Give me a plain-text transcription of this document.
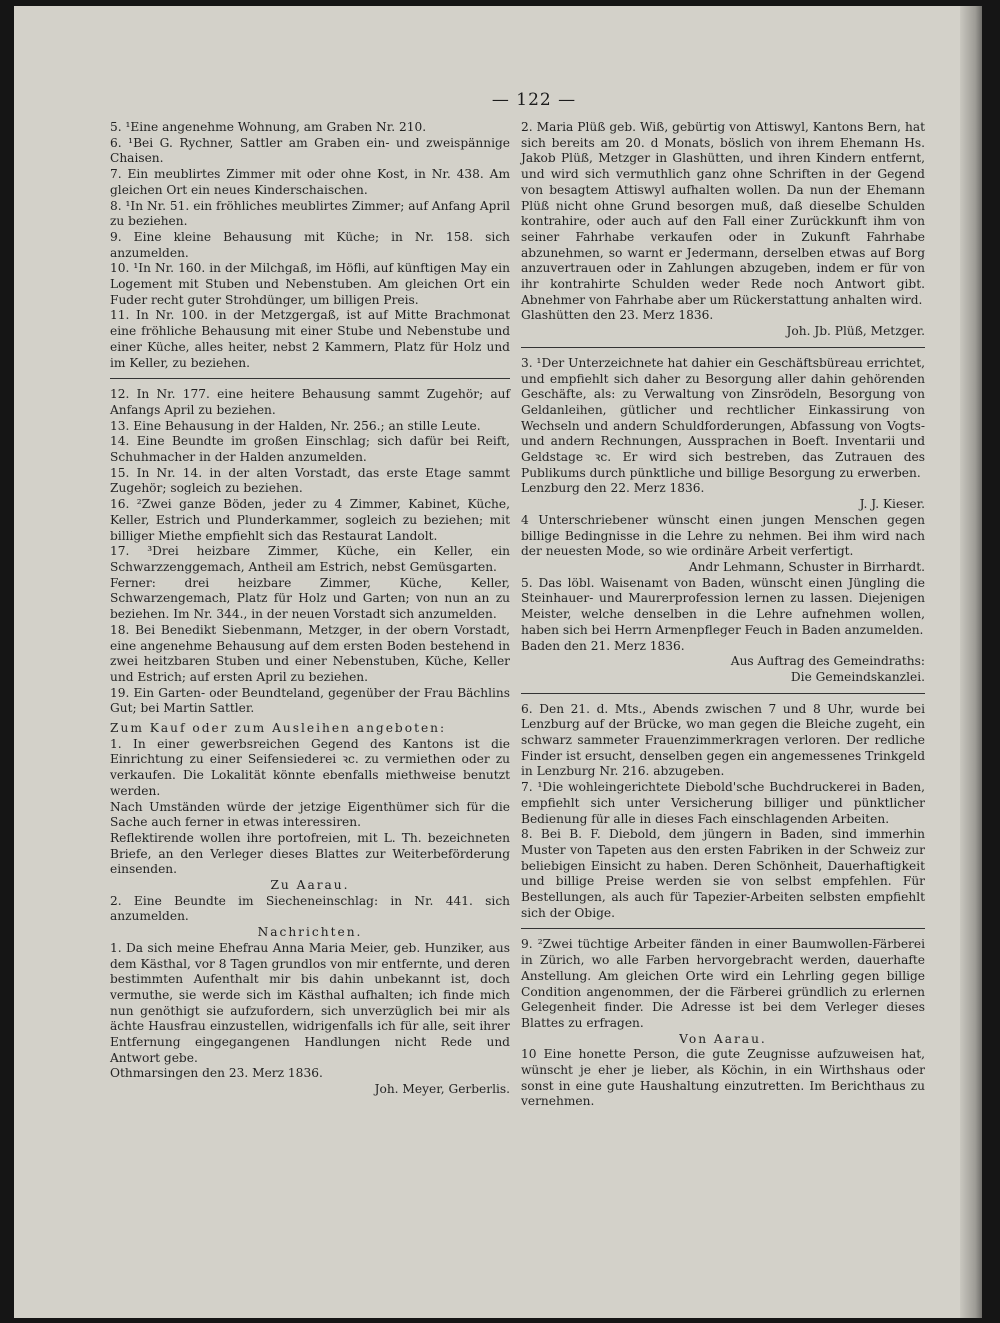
— 122 —

5. ¹Eine angenehme Wohnung, am Graben Nr. 210.

6. ¹Bei G. Rychner, Sattler am Graben ein- und zweispännige Chaisen.

7. Ein meublirtes Zimmer mit oder ohne Kost, in Nr. 438. Am gleichen Ort ein neues Kinderschaischen.

8. ¹In Nr. 51. ein fröhliches meublirtes Zimmer; auf Anfang April zu beziehen.

9. Eine kleine Behausung mit Küche; in Nr. 158. sich anzumelden.

10. ¹In Nr. 160. in der Milchgaß, im Höfli, auf künftigen May ein Logement mit Stuben und Nebenstuben. Am gleichen Ort ein Fuder recht guter Strohdünger, um billigen Preis.

11. In Nr. 100. in der Metzgergaß, ist auf Mitte Brachmonat eine fröhliche Behausung mit einer Stube und Nebenstube und einer Küche, alles heiter, nebst 2 Kammern, Platz für Holz und im Keller, zu beziehen.

12. In Nr. 177. eine heitere Behausung sammt Zugehör; auf Anfangs April zu beziehen.

13. Eine Behausung in der Halden, Nr. 256.; an stille Leute.

14. Eine Beundte im großen Einschlag; sich dafür bei Reift, Schuhmacher in der Halden anzumelden.

15. In Nr. 14. in der alten Vorstadt, das erste Etage sammt Zugehör; sogleich zu beziehen.

16. ²Zwei ganze Böden, jeder zu 4 Zimmer, Kabinet, Küche, Keller, Estrich und Plunderkammer, sogleich zu beziehen; mit billiger Miethe empfiehlt sich das Restaurat Landolt.

17. ³Drei heizbare Zimmer, Küche, ein Keller, ein Schwarzzenggemach, Antheil am Estrich, nebst Gemüsgarten.

Ferner: drei heizbare Zimmer, Küche, Keller, Schwarzengemach, Platz für Holz und Garten; von nun an zu beziehen. Im Nr. 344., in der neuen Vorstadt sich anzumelden.

18. Bei Benedikt Siebenmann, Metzger, in der obern Vorstadt, eine angenehme Behausung auf dem ersten Boden bestehend in zwei heitzbaren Stuben und einer Nebenstuben, Küche, Keller und Estrich; auf ersten April zu beziehen.

19. Ein Garten- oder Beundteland, gegenüber der Frau Bächlins Gut; bei Martin Sattler.

Zum Kauf oder zum Ausleihen angeboten:

1. In einer gewerbsreichen Gegend des Kantons ist die Einrichtung zu einer Seifensiederei ꝛc. zu vermiethen oder zu verkaufen. Die Lokalität könnte ebenfalls miethweise benutzt werden.

Nach Umständen würde der jetzige Eigenthümer sich für die Sache auch ferner in etwas interessiren.

Reflektirende wollen ihre portofreien, mit L. Th. bezeichneten Briefe, an den Verleger dieses Blattes zur Weiterbeförderung einsenden.

Zu Aarau.

2. Eine Beundte im Siecheneinschlag: in Nr. 441. sich anzumelden.

Nachrichten.

1. Da sich meine Ehefrau Anna Maria Meier, geb. Hunziker, aus dem Kästhal, vor 8 Tagen grundlos von mir entfernte, und deren bestimmten Aufenthalt mir bis dahin unbekannt ist, doch vermuthe, sie werde sich im Kästhal aufhalten; ich finde mich nun genöthigt sie aufzufordern, sich unverzüglich bei mir als ächte Hausfrau einzustellen, widrigenfalls ich für alle, seit ihrer Entfernung eingegangenen Handlungen nicht Rede und Antwort gebe.

Othmarsingen den 23. Merz 1836.

Joh. Meyer, Gerberlis.

2. Maria Plüß geb. Wiß, gebürtig von Attiswyl, Kantons Bern, hat sich bereits am 20. d Monats, böslich von ihrem Ehemann Hs. Jakob Plüß, Metzger in Glashütten, und ihren Kindern entfernt, und wird sich vermuthlich ganz ohne Schriften in der Gegend von besagtem Attiswyl aufhalten wollen. Da nun der Ehemann Plüß nicht ohne Grund besorgen muß, daß dieselbe Schulden kontrahire, oder auch auf den Fall einer Zurückkunft ihm von seiner Fahrhabe verkaufen oder in Zukunft Fahrhabe abzunehmen, so warnt er Jedermann, derselben etwas auf Borg anzuvertrauen oder in Zahlungen abzugeben, indem er für von ihr kontrahirte Schulden weder Rede noch Antwort gibt. Abnehmer von Fahrhabe aber um Rückerstattung anhalten wird.

Glashütten den 23. Merz 1836.

Joh. Jb. Plüß, Metzger.

3. ¹Der Unterzeichnete hat dahier ein Geschäftsbüreau errichtet, und empfiehlt sich daher zu Besorgung aller dahin gehörenden Geschäfte, als: zu Verwaltung von Zinsrödeln, Besorgung von Geldanleihen, gütlicher und rechtlicher Einkassirung von Wechseln und andern Schuldforderungen, Abfassung von Vogts- und andern Rechnungen, Aussprachen in Boeft. Inventarii und Geldstage ꝛc. Er wird sich bestreben, das Zutrauen des Publikums durch pünktliche und billige Besorgung zu erwerben.

Lenzburg den 22. Merz 1836.

J. J. Kieser.

4 Unterschriebener wünscht einen jungen Menschen gegen billige Bedingnisse in die Lehre zu nehmen. Bei ihm wird nach der neuesten Mode, so wie ordinäre Arbeit verfertigt.

Andr Lehmann, Schuster in Birrhardt.

5. Das löbl. Waisenamt von Baden, wünscht einen Jüngling die Steinhauer- und Maurerprofession lernen zu lassen. Diejenigen Meister, welche denselben in die Lehre aufnehmen wollen, haben sich bei Herrn Armenpfleger Feuch in Baden anzumelden.

Baden den 21. Merz 1836.

Aus Auftrag des Gemeindraths:

Die Gemeindskanzlei.

6. Den 21. d. Mts., Abends zwischen 7 und 8 Uhr, wurde bei Lenzburg auf der Brücke, wo man gegen die Bleiche zugeht, ein schwarz sammeter Frauenzimmerkragen verloren. Der redliche Finder ist ersucht, denselben gegen ein angemessenes Trinkgeld in Lenzburg Nr. 216. abzugeben.

7. ¹Die wohleingerichtete Diebold'sche Buchdruckerei in Baden, empfiehlt sich unter Versicherung billiger und pünktlicher Bedienung für alle in dieses Fach einschlagenden Arbeiten.

8. Bei B. F. Diebold, dem jüngern in Baden, sind immerhin Muster von Tapeten aus den ersten Fabriken in der Schweiz zur beliebigen Einsicht zu haben. Deren Schönheit, Dauerhaftigkeit und billige Preise werden sie von selbst empfehlen. Für Bestellungen, als auch für Tapezier-Arbeiten selbsten empfiehlt sich der Obige.

9. ²Zwei tüchtige Arbeiter fänden in einer Baumwollen-Färberei in Zürich, wo alle Farben hervorgebracht werden, dauerhafte Anstellung. Am gleichen Orte wird ein Lehrling gegen billige Condition angenommen, der die Färberei gründlich zu erlernen Gelegenheit finder. Die Adresse ist bei dem Verleger dieses Blattes zu erfragen.

Von Aarau.

10 Eine honette Person, die gute Zeugnisse aufzuweisen hat, wünscht je eher je lieber, als Köchin, in ein Wirthshaus oder sonst in eine gute Haushaltung einzutretten. Im Berichthaus zu vernehmen.
